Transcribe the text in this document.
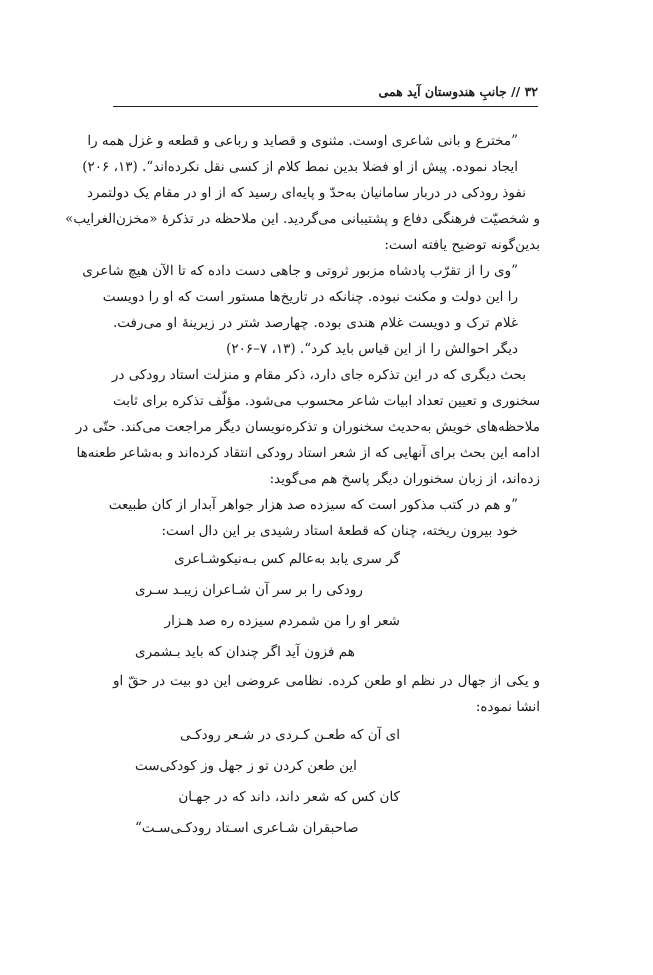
۳۲ // جانبِ هندوستان آید همی
”مخترع و بانی شاعری اوست. مثنوی و قصاید و رباعی و قطعه و غزل همه را
ایجاد نموده. پیش از او فضلا بدین نمط کلام از کسی نقل نکرده‌اند“. (۱۳، ۲۰۶)
نفوذ رودکی در دربار سامانیان به‌حدّ و پایه‌ای رسید که از او در مقام یک دولتمرد
و شخصیّت فرهنگی دفاع و پشتیبانی می‌گردید. این ملاحظه در تذکرهٔ «مخزن‌الغرایب»
بدین‌گونه توضیح یافته است:
”وی را از تقرّب پادشاه مزبور ثروتی و جاهی دست داده که تا الآن هیچ شاعری
را این دولت و مکنت نبوده. چنانکه در تاریخ‌ها مستور است که او را دویست
غلام ترک و دویست غلام هندی بوده. چهارصد شتر در زیرینهٔ او می‌رفت.
دیگر احوالش را از این قیاس باید کرد“. (۱۳، ۷–۲۰۶)
بحث دیگری که در این تذکره جای دارد، ذکر مقام و منزلت استاد رودکی در
سخنوری و تعیین تعداد ابیات شاعر محسوب می‌شود. مؤلّف تذکره برای ثابت
ملاحظه‌های خویش به‌حدیث سخنوران و تذکره‌نویسان دیگر مراجعت می‌کند. حتّی در
ادامه این بحث برای آنهایی که از شعر استاد رودکی انتقاد کرده‌اند و به‌شاعر طعنه‌ها
زده‌اند، از زبان سخنوران دیگر پاسخ هم می‌گوید:
”و هم در کتب مذکور است که سیزده صد هزار جواهر آبدار از کان طبیعت
خود بیرون ریخته، چنان که قطعهٔ استاد رشیدی بر این دال است:
گر سری یابد به‌عالم کس بـه‌نیکوشـاعری
رودکی را بر سر آن شـاعران زیبـد سـری
شعر او را من شمردم سیزده ره صد هـزار
هم فزون آید اگر چندان که باید بـشمری
و یکی از جهال در نظم او طعن کرده. نظامی عروضی این دو بیت در حقّ او
انشا نموده:
ای آن که طعـن کـردی در شـعر رودکـی
این طعن کردن تو ز جهل وز کودکی‌ست
کان کس که شعر داند، داند که در جهـان
صاحبقران شـاعری اسـتاد رودکـی‌سـت“
